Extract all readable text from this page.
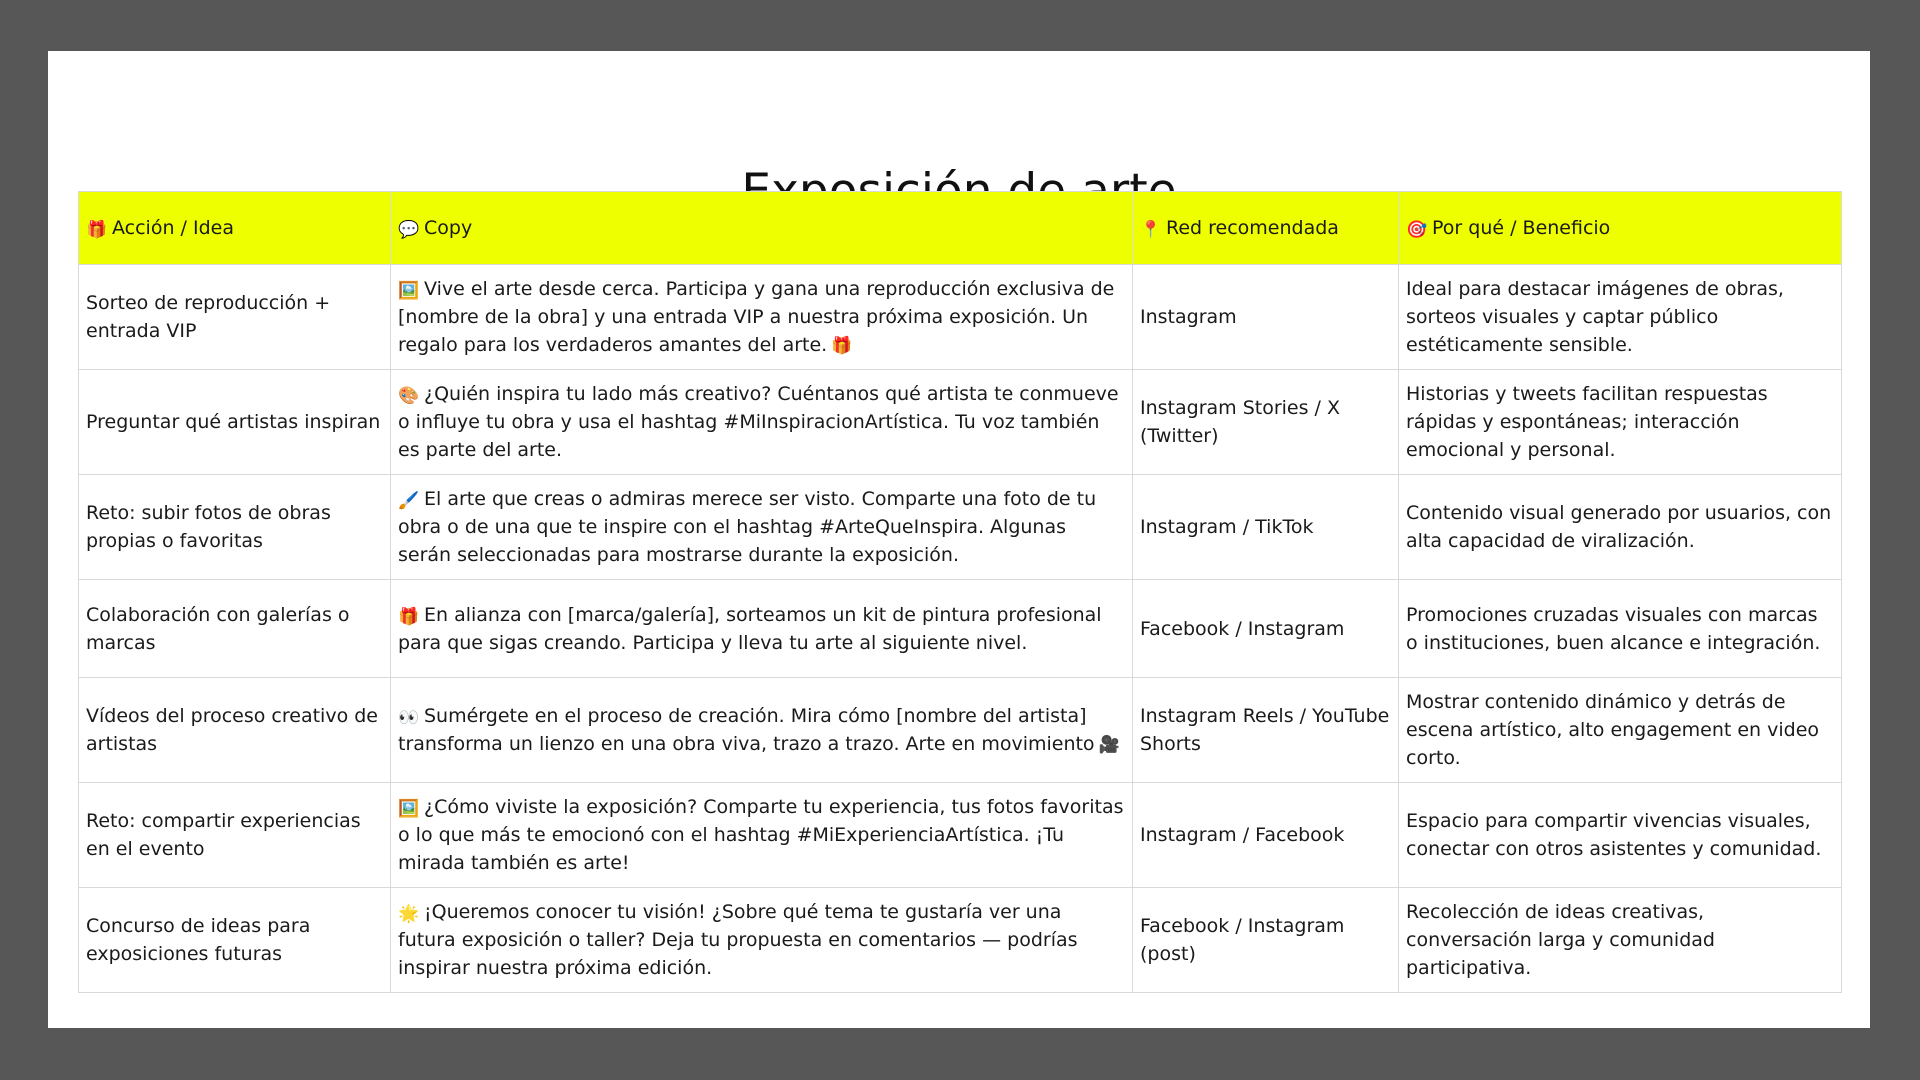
Exposición de arte
🎁 Acción / Idea	💬 Copy	📍 Red recomendada	🎯 Por qué / Beneficio
Sorteo de reproducción + entrada VIP	🖼️ Vive el arte desde cerca. Participa y gana una reproducción exclusiva de [nombre de la obra] y una entrada VIP a nuestra próxima exposición. Un regalo para los verdaderos amantes del arte. 🎁	Instagram	Ideal para destacar imágenes de obras, sorteos visuales y captar público estéticamente sensible.
Preguntar qué artistas inspiran	🎨 ¿Quién inspira tu lado más creativo? Cuéntanos qué artista te conmueve o influye tu obra y usa el hashtag #MiInspiracionArtística. Tu voz también es parte del arte.	Instagram Stories / X (Twitter)	Historias y tweets facilitan respuestas rápidas y espontáneas; interacción emocional y personal.
Reto: subir fotos de obras propias o favoritas	🖌️ El arte que creas o admiras merece ser visto. Comparte una foto de tu obra o de una que te inspire con el hashtag #ArteQueInspira. Algunas serán seleccionadas para mostrarse durante la exposición.	Instagram / TikTok	Contenido visual generado por usuarios, con alta capacidad de viralización.
Colaboración con galerías o marcas	🎁 En alianza con [marca/galería], sorteamos un kit de pintura profesional para que sigas creando. Participa y lleva tu arte al siguiente nivel.	Facebook / Instagram	Promociones cruzadas visuales con marcas o instituciones, buen alcance e integración.
Vídeos del proceso creativo de artistas	👀 Sumérgete en el proceso de creación. Mira cómo [nombre del artista] transforma un lienzo en una obra viva, trazo a trazo. Arte en movimiento 🎥	Instagram Reels / YouTube Shorts	Mostrar contenido dinámico y detrás de escena artístico, alto engagement en video corto.
Reto: compartir experiencias en el evento	🖼️ ¿Cómo viviste la exposición? Comparte tu experiencia, tus fotos favoritas o lo que más te emocionó con el hashtag #MiExperienciaArtística. ¡Tu mirada también es arte!	Instagram / Facebook	Espacio para compartir vivencias visuales, conectar con otros asistentes y comunidad.
Concurso de ideas para exposiciones futuras	🌟 ¡Queremos conocer tu visión! ¿Sobre qué tema te gustaría ver una futura exposición o taller? Deja tu propuesta en comentarios — podrías inspirar nuestra próxima edición.	Facebook / Instagram (post)	Recolección de ideas creativas, conversación larga y comunidad participativa.
